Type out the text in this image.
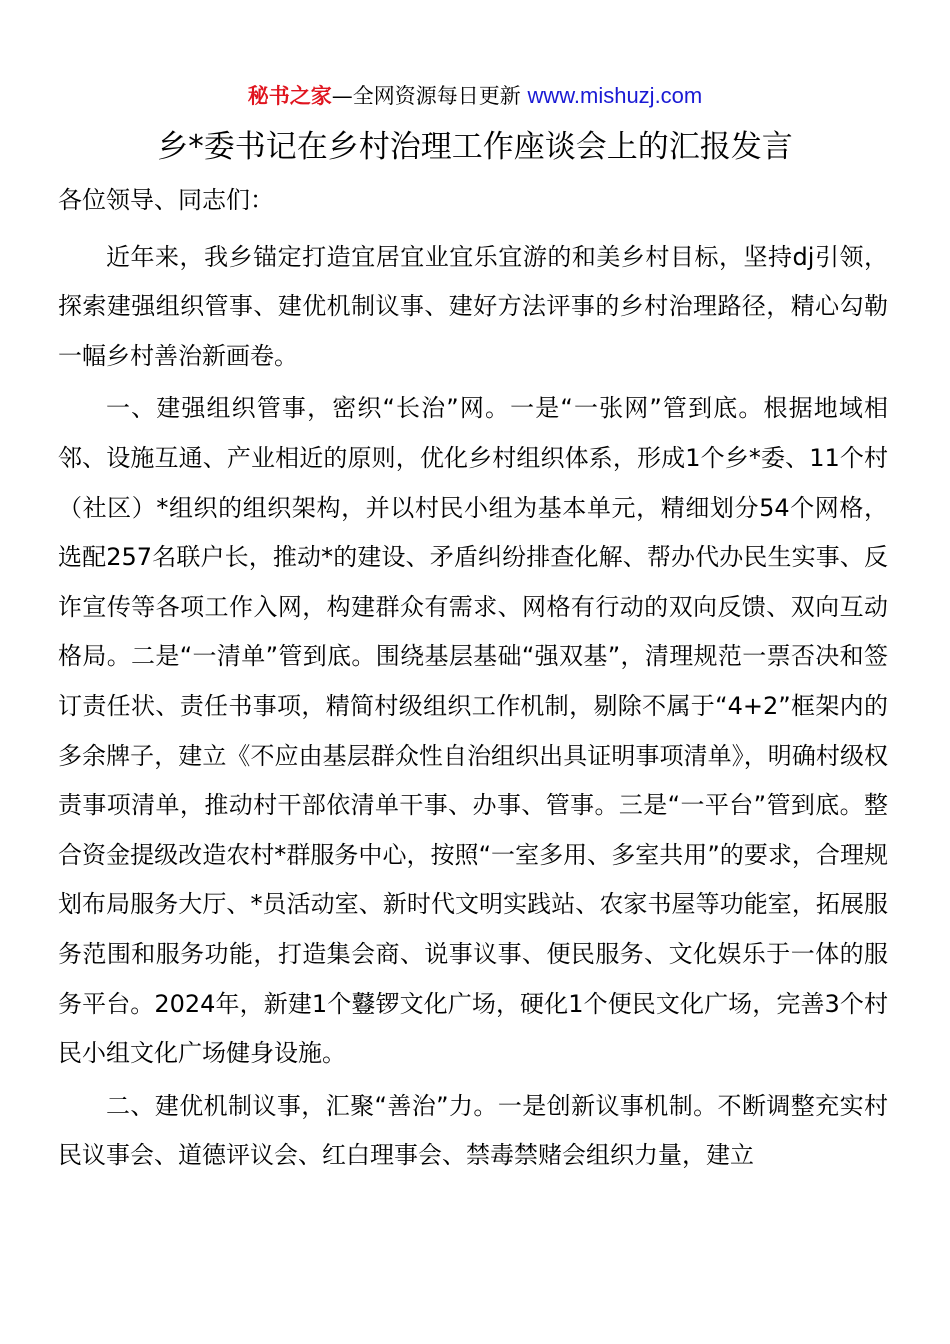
秘书之家—全网资源每日更新 www.mishuzj.com
乡*委书记在乡村治理工作座谈会上的汇报发言

各位领导、同志们：

近年来，我乡锚定打造宜居宜业宜乐宜游的和美乡村目标，坚持dj引领，探索建强组织管事、建优机制议事、建好方法评事的乡村治理路径，精心勾勒一幅乡村善治新画卷。

一、建强组织管事，密织“长治”网。一是“一张网”管到底。根据地域相邻、设施互通、产业相近的原则，优化乡村组织体系，形成1个乡*委、11个村（社区）*组织的组织架构，并以村民小组为基本单元，精细划分54个网格，选配257名联户长，推动*的建设、矛盾纠纷排查化解、帮办代办民生实事、反诈宣传等各项工作入网，构建群众有需求、网格有行动的双向反馈、双向互动格局。二是“一清单”管到底。围绕基层基础“强双基”，清理规范一票否决和签订责任状、责任书事项，精简村级组织工作机制，剔除不属于“4+2”框架内的多余牌子，建立《不应由基层群众性自治组织出具证明事项清单》，明确村级权责事项清单，推动村干部依清单干事、办事、管事。三是“一平台”管到底。整合资金提级改造农村*群服务中心，按照“一室多用、多室共用”的要求，合理规划布局服务大厅、*员活动室、新时代文明实践站、农家书屋等功能室，拓展服务范围和服务功能，打造集会商、说事议事、便民服务、文化娱乐于一体的服务平台。2024年，新建1个鼟锣文化广场，硬化1个便民文化广场，完善3个村民小组文化广场健身设施。

二、建优机制议事，汇聚“善治”力。一是创新议事机制。不断调整充实村民议事会、道德评议会、红白理事会、禁毒禁赌会组织力量，建立
